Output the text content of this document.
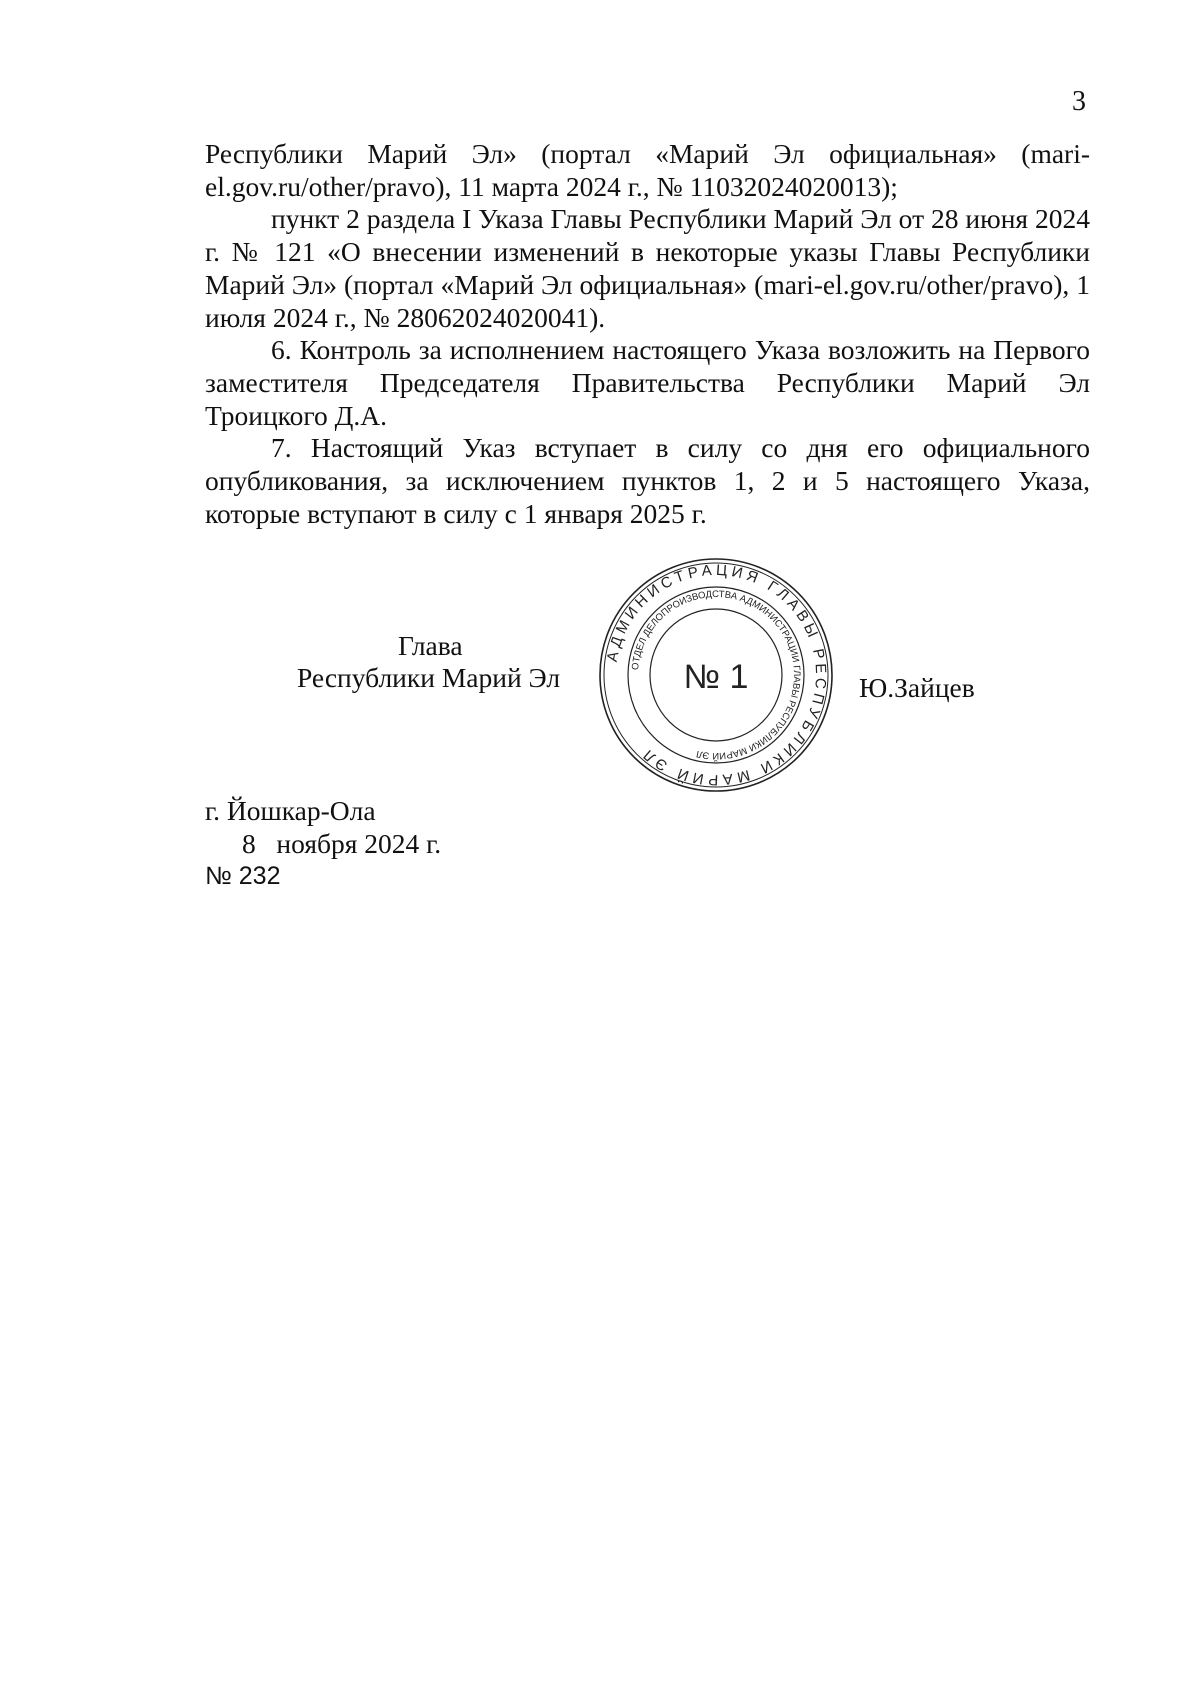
3

Республики Марий Эл» (портал «Марий Эл официальная» (mari-el.gov.ru/other/pravo), 11 марта 2024 г., № 11032024020013);

пункт 2 раздела I Указа Главы Республики Марий Эл от 28 июня 2024 г. № 121 «О внесении изменений в некоторые указы Главы Республики Марий Эл» (портал «Марий Эл официальная» (mari-el.gov.ru/other/pravo), 1 июля 2024 г., № 28062024020041).

6. Контроль за исполнением настоящего Указа возложить на Первого заместителя Председателя Правительства Республики Марий Эл Троицкого Д.А.

7. Настоящий Указ вступает в силу со дня его официального опубликования, за исключением пунктов 1, 2 и 5 настоящего Указа, которые вступают в силу с 1 января 2025 г.

Глава
Республики Марий Эл	Ю.Зайцев
АДМИНИСТРАЦИЯ ГЛАВЫ РЕСПУБЛИКИ МАРИЙ ЭЛ
ОТДЕЛ ДЕЛОПРОИЗВОДСТВА АДМИНИСТРАЦИИ ГЛАВЫ РЕСПУБЛИКИ МАРИЙ ЭЛ
№ 1
г. Йошкар-Ола
8   ноября 2024 г.
№ 232
